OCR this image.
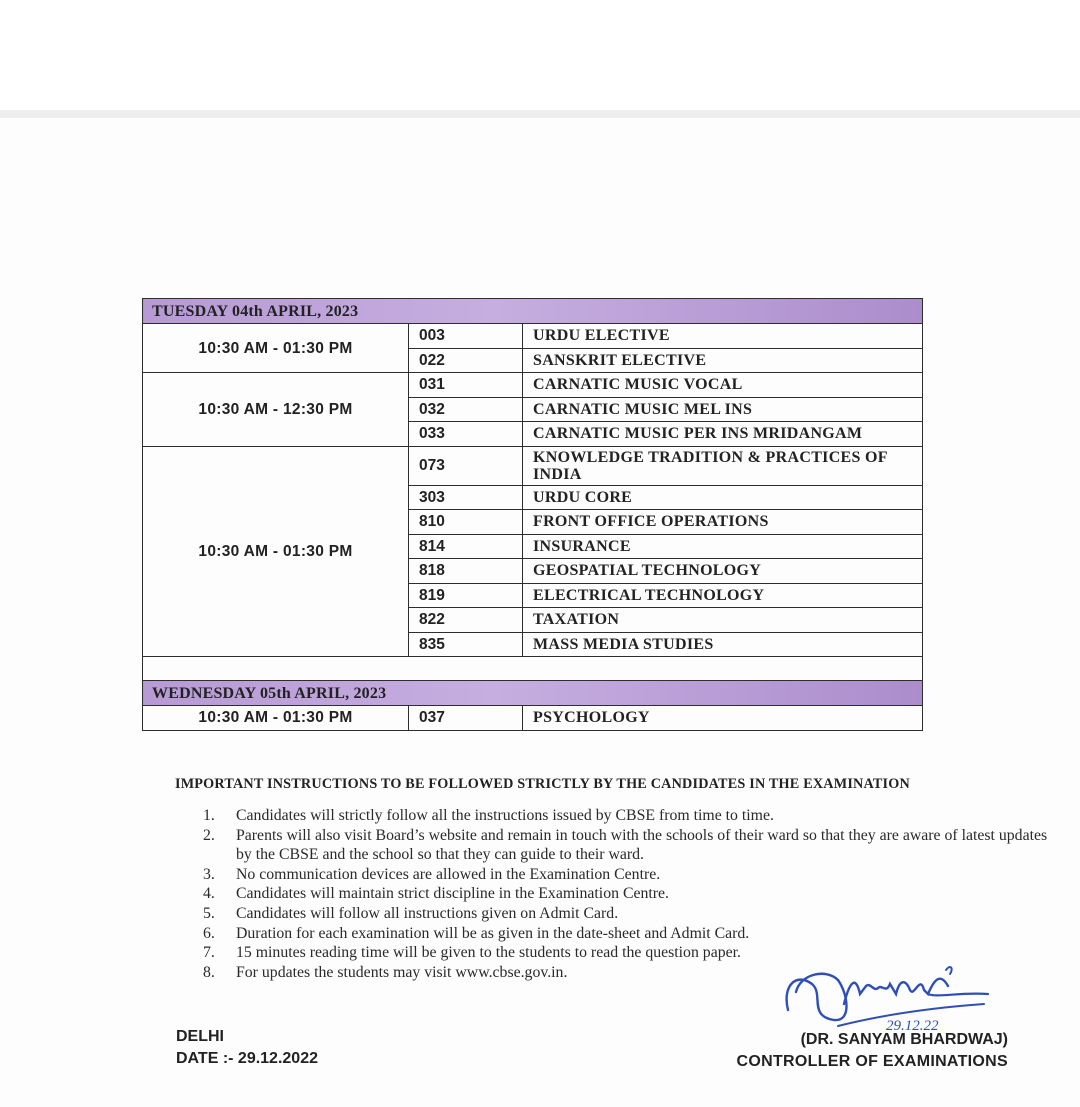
TUESDAY 04th APRIL, 2023		
10:30 AM - 01:30 PM	003	URDU ELECTIVE
	022	SANSKRIT ELECTIVE
10:30 AM - 12:30 PM	031	CARNATIC MUSIC VOCAL
	032	CARNATIC MUSIC MEL INS
	033	CARNATIC MUSIC PER INS MRIDANGAM
10:30 AM - 01:30 PM	073	KNOWLEDGE TRADITION & PRACTICES OF INDIA
	303	URDU CORE
	810	FRONT OFFICE OPERATIONS
	814	INSURANCE
	818	GEOSPATIAL TECHNOLOGY
	819	ELECTRICAL TECHNOLOGY
	822	TAXATION
	835	MASS MEDIA STUDIES

WEDNESDAY 05th APRIL, 2023		
10:30 AM - 01:30 PM	037	PSYCHOLOGY
IMPORTANT INSTRUCTIONS TO BE FOLLOWED STRICTLY BY THE CANDIDATES IN THE EXAMINATION
1.	Candidates will strictly follow all the instructions issued by CBSE from time to time.
2.	Parents will also visit Board’s website and remain in touch with the schools of their ward so that they are aware of latest updates by the CBSE and the school so that they can guide to their ward.
3.	No communication devices are allowed in the Examination Centre.
4.	Candidates will maintain strict discipline in the Examination Centre.
5.	Candidates will follow all instructions given on Admit Card.
6.	Duration for each examination will be as given in the date-sheet and Admit Card.
7.	15 minutes reading time will be given to the students to read the question paper.
8.	For updates the students may visit www.cbse.gov.in.
DELHI
DATE :- 29.12.2022
29.12.22
(DR. SANYAM BHARDWAJ)
CONTROLLER OF EXAMINATIONS
